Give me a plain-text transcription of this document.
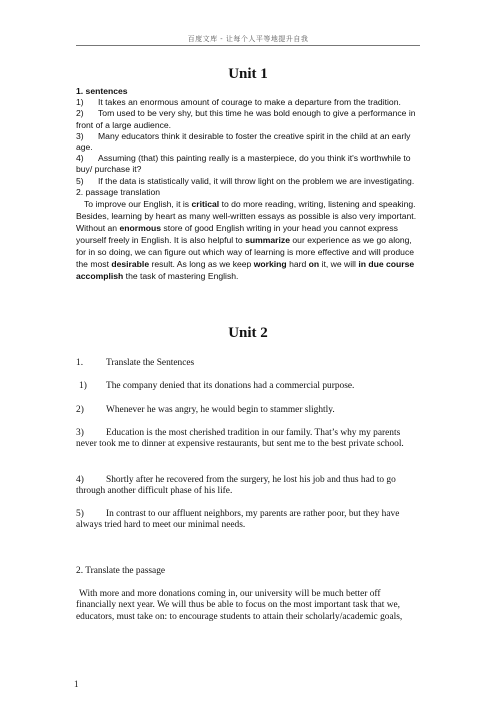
百度文库 - 让每个人平等地提升自我
Unit 1
1. sentences
1) It takes an enormous amount of courage to make a departure from the tradition.
2) Tom used to be very shy, but this time he was bold enough to give a performance in front of a large audience.
3) Many educators think it desirable to foster the creative spirit in the child at an early age.
4) Assuming (that) this painting really is a masterpiece, do you think it's worthwhile to buy/ purchase it?
5) If the data is statistically valid, it will throw light on the problem we are investigating.
2. passage translation
To improve our English, it is critical to do more reading, writing, listening and speaking. Besides, learning by heart as many well-written essays as possible is also very important. Without an enormous store of good English writing in your head you cannot express yourself freely in English. It is also helpful to summarize our experience as we go along, for in so doing, we can figure out which way of learning is more effective and will produce the most desirable result. As long as we keep working hard on it, we will in due course accomplish the task of mastering English.
Unit 2
1. Translate the Sentences
1) The company denied that its donations had a commercial purpose.
2) Whenever he was angry, he would begin to stammer slightly.
3) Education is the most cherished tradition in our family. That’s why my parents never took me to dinner at expensive restaurants, but sent me to the best private school.
4) Shortly after he recovered from the surgery, he lost his job and thus had to go through another difficult phase of his life.
5) In contrast to our affluent neighbors, my parents are rather poor, but they have always tried hard to meet our minimal needs.
2. Translate the passage
With more and more donations coming in, our university will be much better off financially next year. We will thus be able to focus on the most important task that we, educators, must take on: to encourage students to attain their scholarly/academic goals,
1
